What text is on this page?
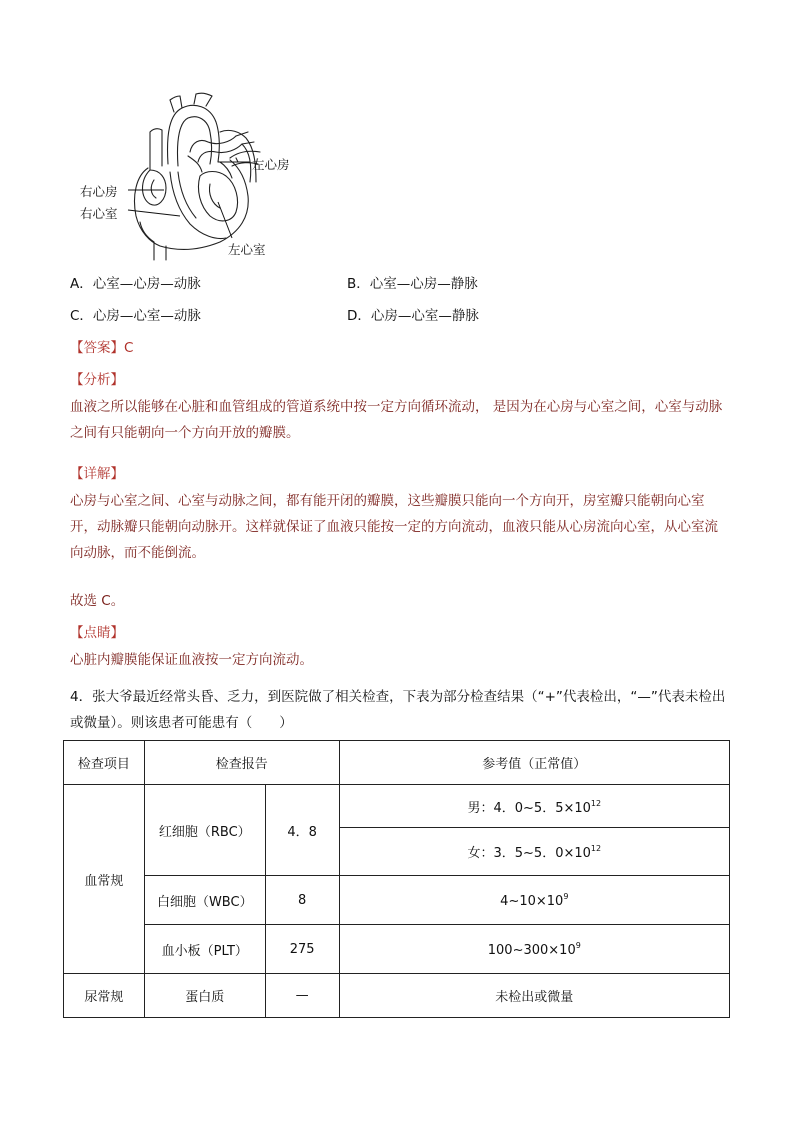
左心房
右心房
右心室
左心室
A．心室—心房—动脉	B．心室—心房—静脉
C．心房—心室—动脉	D．心房—心室—静脉
【答案】C
【分析】
血液之所以能够在心脏和血管组成的管道系统中按一定方向循环流动， 是因为在心房与心室之间，心室与动脉之间有只能朝向一个方向开放的瓣膜。
【详解】
心房与心室之间、心室与动脉之间，都有能开闭的瓣膜，这些瓣膜只能向一个方向开，房室瓣只能朝向心室开，动脉瓣只能朝向动脉开。这样就保证了血液只能按一定的方向流动，血液只能从心房流向心室，从心室流向动脉，而不能倒流。
故选 C。
【点睛】
心脏内瓣膜能保证血液按一定方向流动。
4．张大爷最近经常头昏、乏力，到医院做了相关检查，下表为部分检查结果（“+”代表检出，“—”代表未检出或微量）。则该患者可能患有（　　）
检查项目	检查报告		参考值（正常值）
血常规	红细胞（RBC）	4．8	男：4．0~5．$5\times 10^{12}$
			女：3．5~5．$0\times 10^{12}$
	白细胞（WBC）	8	$4\sim 10\times 10^9$
	血小板（PLT）	275	$100\sim 300\times 10^9$
尿常规	蛋白质	—	未检出或微量
